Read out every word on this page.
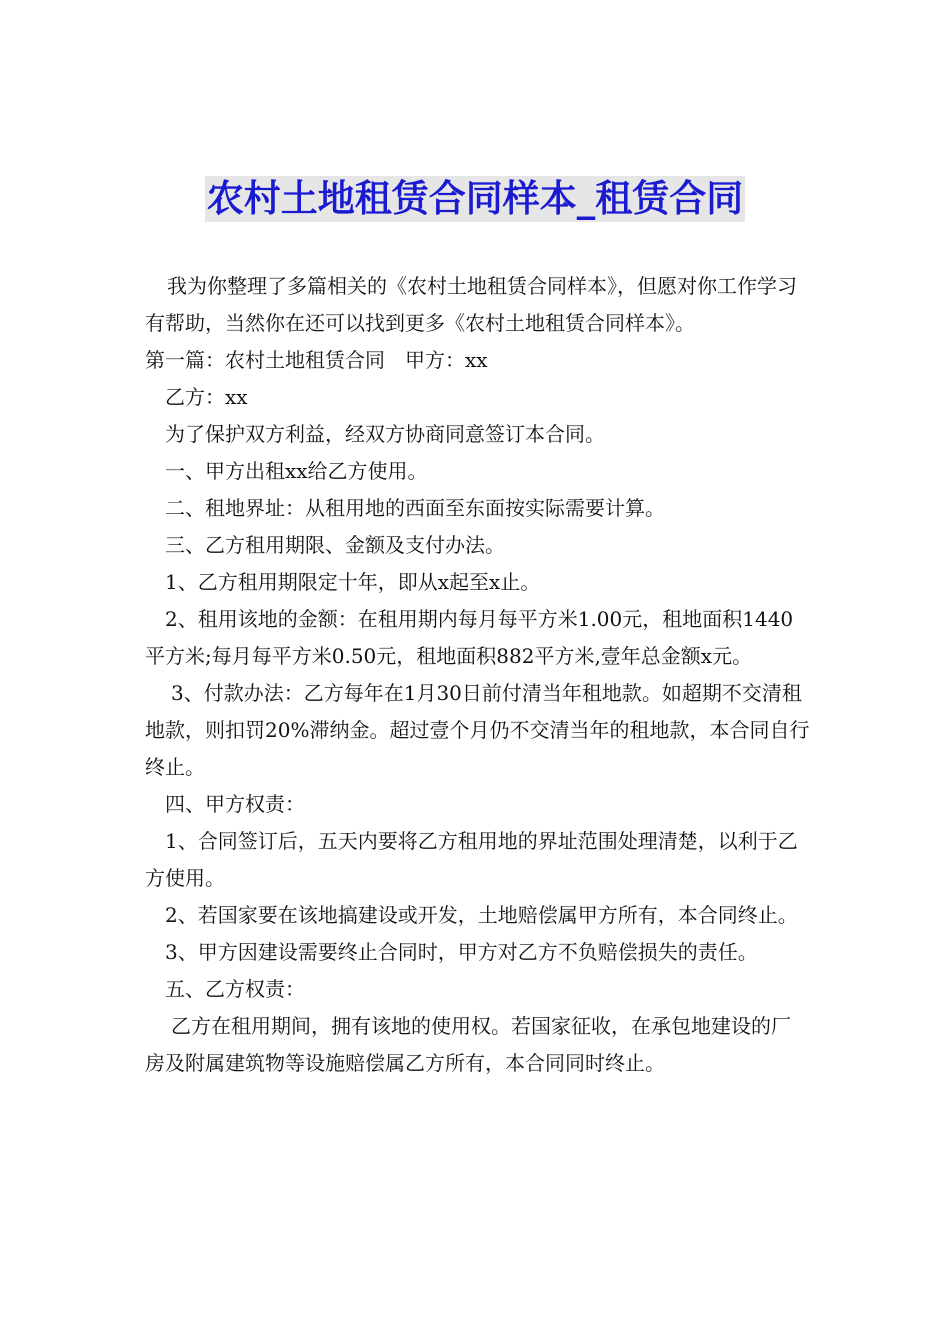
农村土地租赁合同样本_租赁合同

我为你整理了多篇相关的《农村土地租赁合同样本》，但愿对你工作学习有帮助，当然你在还可以找到更多《农村土地租赁合同样本》。

第一篇：农村土地租赁合同　甲方：xx

乙方：xx

为了保护双方利益，经双方协商同意签订本合同。

一、甲方出租xx给乙方使用。

二、租地界址：从租用地的西面至东面按实际需要计算。

三、乙方租用期限、金额及支付办法。

1、乙方租用期限定十年，即从x起至x止。

2、租用该地的金额：在租用期内每月每平方米1.00元，租地面积1440平方米;每月每平方米0.50元，租地面积882平方米,壹年总金额x元。

3、付款办法：乙方每年在1月30日前付清当年租地款。如超期不交清租地款，则扣罚20%滞纳金。超过壹个月仍不交清当年的租地款，本合同自行终止。

四、甲方权责：

1、合同签订后，五天内要将乙方租用地的界址范围处理清楚，以利于乙方使用。

2、若国家要在该地搞建设或开发，土地赔偿属甲方所有，本合同终止。

3、甲方因建设需要终止合同时，甲方对乙方不负赔偿损失的责任。

五、乙方权责：

乙方在租用期间，拥有该地的使用权。若国家征收，在承包地建设的厂房及附属建筑物等设施赔偿属乙方所有，本合同同时终止。
